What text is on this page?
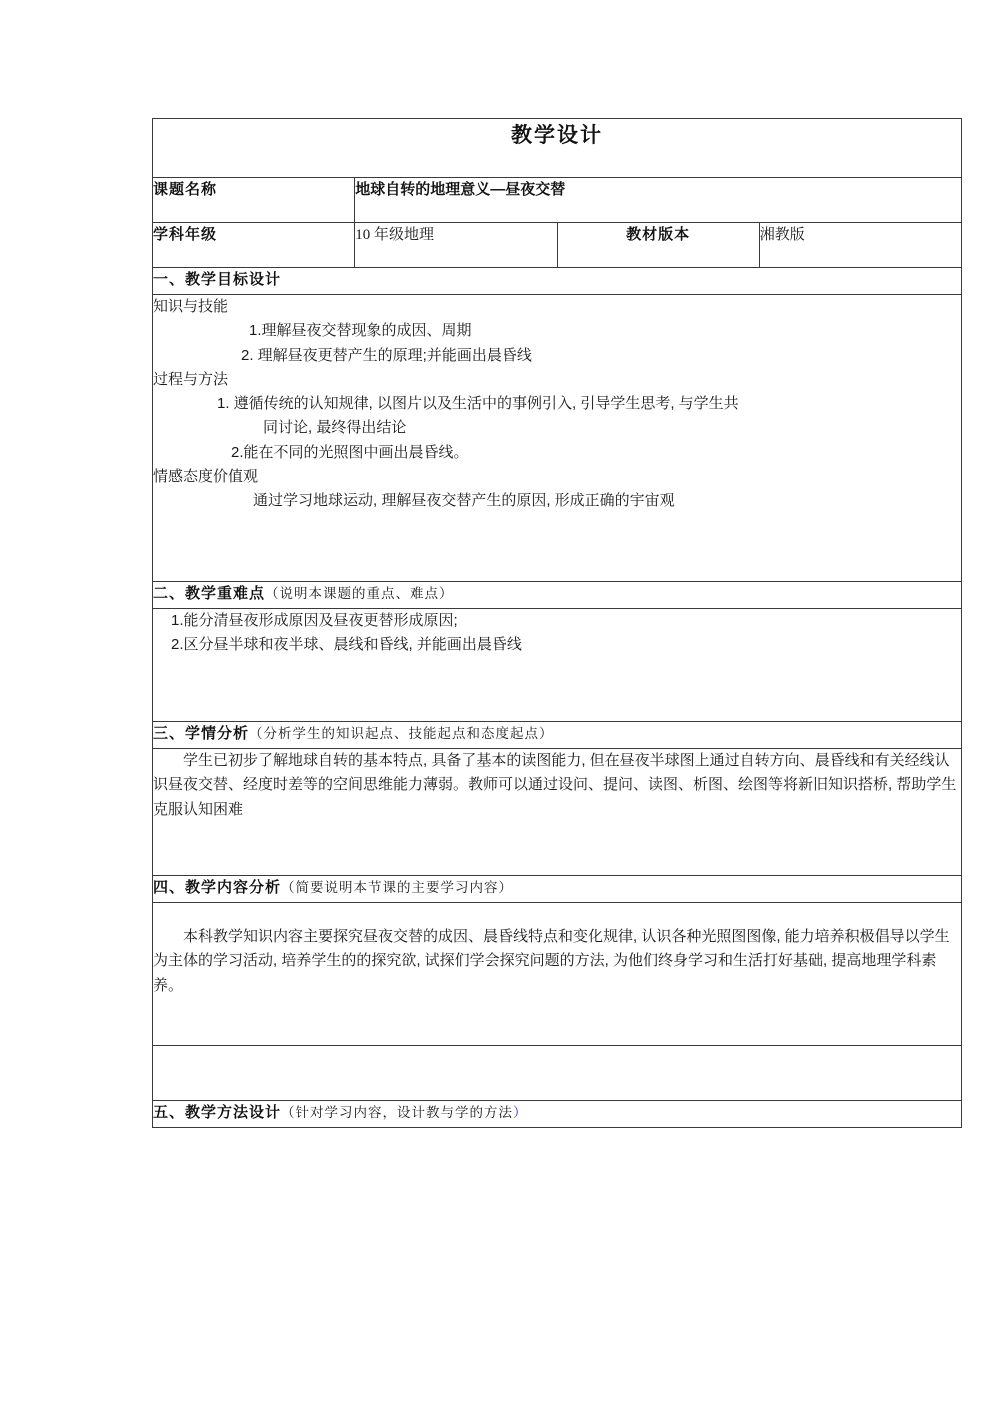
教学设计			
课题名称	地球自转的地理意义—昼夜交替		
学科年级	10 年级地理	教材版本	湘教版
一、教学目标设计			

知识与技能

1.理解昼夜交替现象的成因、周期

2. 理解昼夜更替产生的原理;并能画出晨昏线

过程与方法

1. 遵循传统的认知规律, 以图片以及生活中的事例引入, 引导学生思考, 与学生共

同讨论, 最终得出结论

2.能在不同的光照图中画出晨昏线。

情感态度价值观

通过学习地球运动, 理解昼夜交替产生的原因, 形成正确的宇宙观

二、教学重难点（说明本课题的重点、难点）			

1.能分清昼夜形成原因及昼夜更替形成原因;

2.区分昼半球和夜半球、晨线和昏线, 并能画出晨昏线			

三、学情分析（分析学生的知识起点、技能起点和态度起点）			

学生已初步了解地球自转的基本特点, 具备了基本的读图能力, 但在昼夜半球图上通过自转方向、晨昏线和有关经线认识昼夜交替、经度时差等的空间思维能力薄弱。教师可以通过设问、提问、读图、析图、绘图等将新旧知识搭桥, 帮助学生克服认知困难			

四、教学内容分析（简要说明本节课的主要学习内容）			

本科教学知识内容主要探究昼夜交替的成因、晨昏线特点和变化规律, 认识各种光照图图像, 能力培养积极倡导以学生为主体的学习活动, 培养学生的的探究欲, 试探们学会探究问题的方法, 为他们终身学习和生活打好基础, 提高地理学科素养。			

五、教学方法设计（针对学习内容，设计教与学的方法）			
